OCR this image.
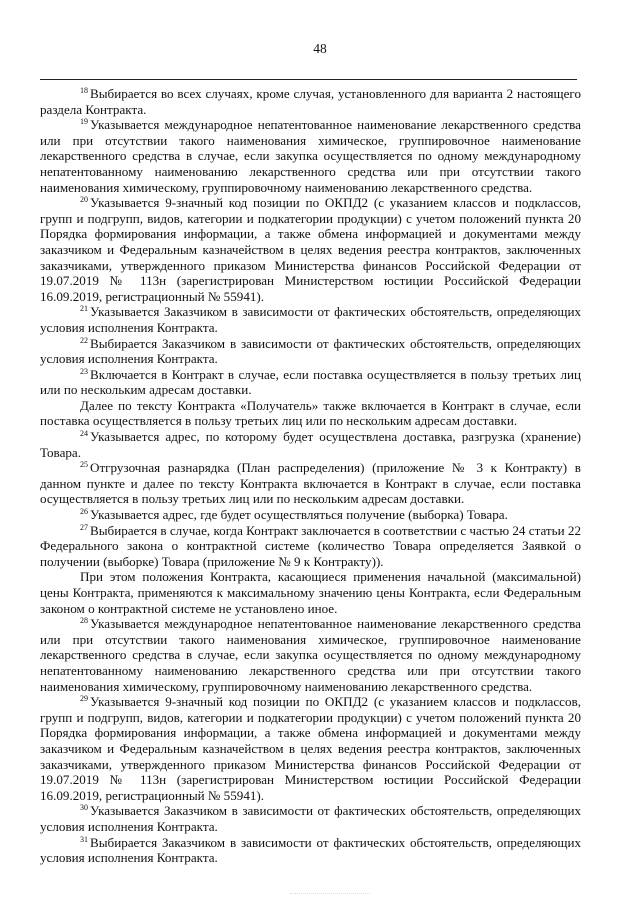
48

$^{18}$ Выбирается во всех случаях, кроме случая, установленного для варианта 2 настоящего раздела Контракта.

$^{19}$ Указывается международное непатентованное наименование лекарственного средства или при отсутствии такого наименования химическое, группировочное наименование лекарственного средства в случае, если закупка осуществляется по одному международному непатентованному наименованию лекарственного средства или при отсутствии такого наименования химическому, группировочному наименованию лекарственного средства.

$^{20}$ Указывается 9-значный код позиции по ОКПД2 (с указанием классов и подклассов, групп и подгрупп, видов, категории и подкатегории продукции) с учетом положений пункта 20 Порядка формирования информации, а также обмена информацией и документами между заказчиком и Федеральным казначейством в целях ведения реестра контрактов, заключенных заказчиками, утвержденного приказом Министерства финансов Российской Федерации от 19.07.2019 № 113н (зарегистрирован Министерством юстиции Российской Федерации 16.09.2019, регистрационный № 55941).

$^{21}$ Указывается Заказчиком в зависимости от фактических обстоятельств, определяющих условия исполнения Контракта.

$^{22}$ Выбирается Заказчиком в зависимости от фактических обстоятельств, определяющих условия исполнения Контракта.

$^{23}$ Включается в Контракт в случае, если поставка осуществляется в пользу третьих лиц или по нескольким адресам доставки.

Далее по тексту Контракта «Получатель» также включается в Контракт в случае, если поставка осуществляется в пользу третьих лиц или по нескольким адресам доставки.

$^{24}$ Указывается адрес, по которому будет осуществлена доставка, разгрузка (хранение) Товара.

$^{25}$ Отгрузочная разнарядка (План распределения) (приложение № 3 к Контракту) в данном пункте и далее по тексту Контракта включается в Контракт в случае, если поставка осуществляется в пользу третьих лиц или по нескольким адресам доставки.

$^{26}$ Указывается адрес, где будет осуществляться получение (выборка) Товара.

$^{27}$ Выбирается в случае, когда Контракт заключается в соответствии с частью 24 статьи 22 Федерального закона о контрактной системе (количество Товара определяется Заявкой о получении (выборке) Товара (приложение № 9 к Контракту)).

При этом положения Контракта, касающиеся применения начальной (максимальной) цены Контракта, применяются к максимальному значению цены Контракта, если Федеральным законом о контрактной системе не установлено иное.

$^{28}$ Указывается международное непатентованное наименование лекарственного средства или при отсутствии такого наименования химическое, группировочное наименование лекарственного средства в случае, если закупка осуществляется по одному международному непатентованному наименованию лекарственного средства или при отсутствии такого наименования химическому, группировочному наименованию лекарственного средства.

$^{29}$ Указывается 9-значный код позиции по ОКПД2 (с указанием классов и подклассов, групп и подгрупп, видов, категории и подкатегории продукции) с учетом положений пункта 20 Порядка формирования информации, а также обмена информацией и документами между заказчиком и Федеральным казначейством в целях ведения реестра контрактов, заключенных заказчиками, утвержденного приказом Министерства финансов Российской Федерации от 19.07.2019 № 113н (зарегистрирован Министерством юстиции Российской Федерации 16.09.2019, регистрационный № 55941).

$^{30}$ Указывается Заказчиком в зависимости от фактических обстоятельств, определяющих условия исполнения Контракта.

$^{31}$ Выбирается Заказчиком в зависимости от фактических обстоятельств, определяющих условия исполнения Контракта.
